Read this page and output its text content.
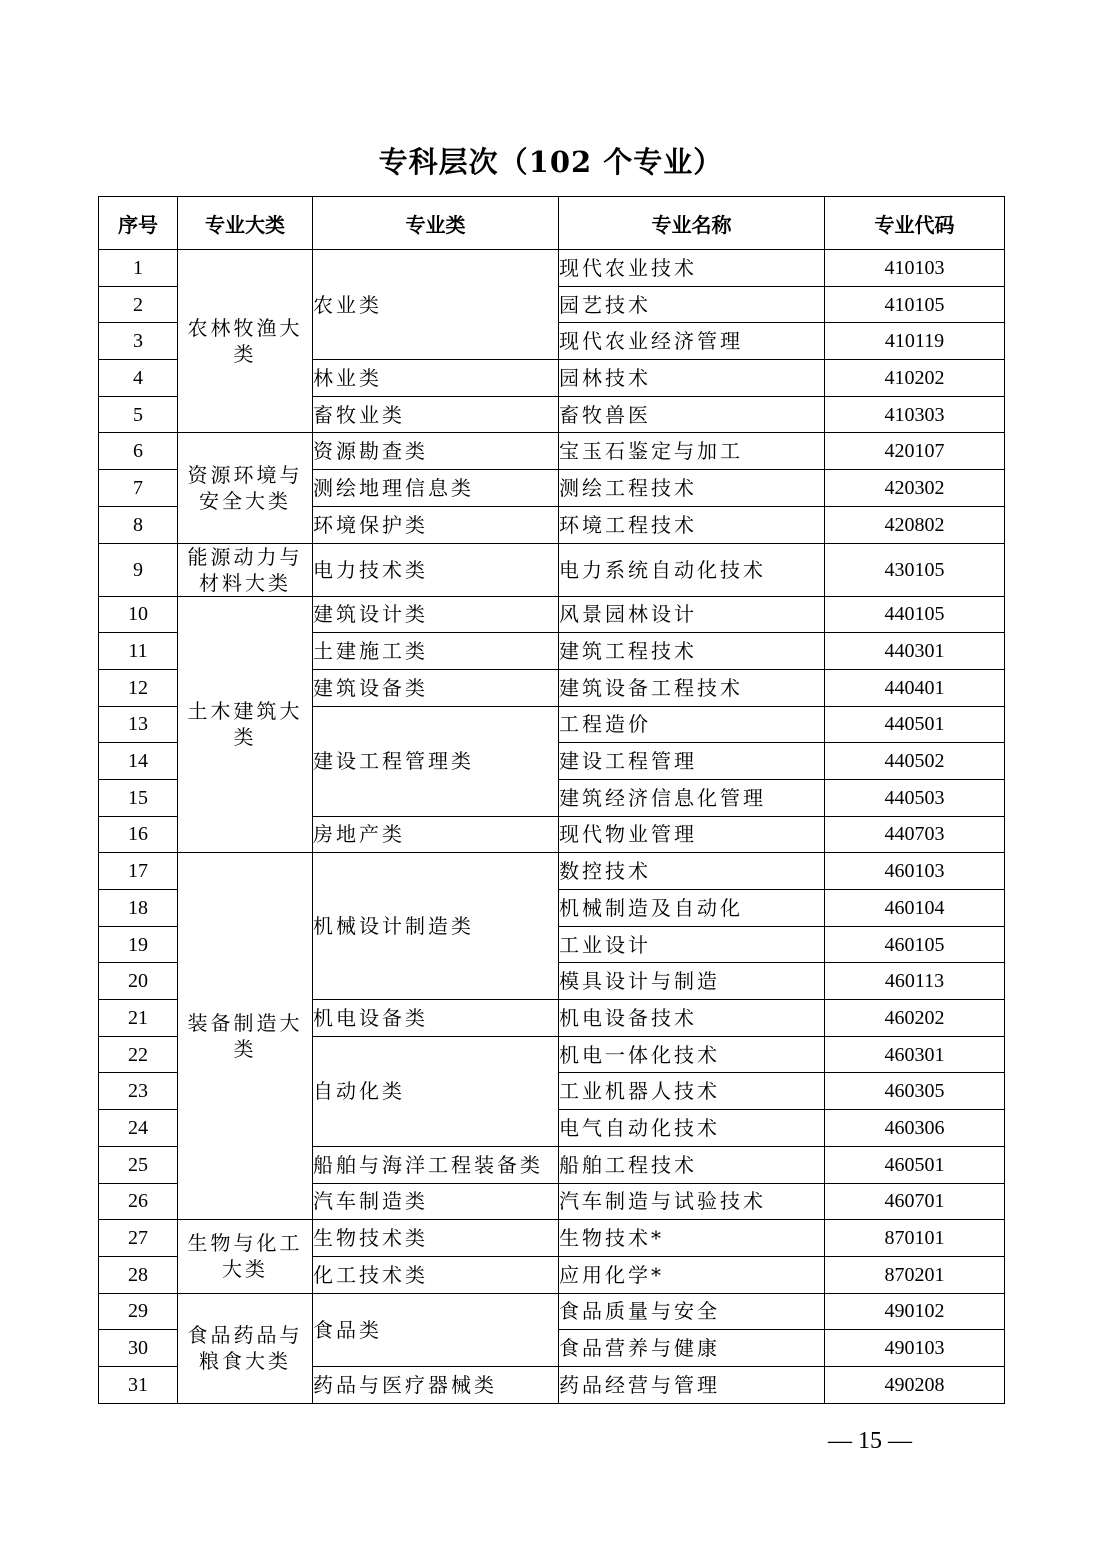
专科层次（102 个专业）
序号	专业大类	专业类	专业名称	专业代码
1	农林牧渔大类	农业类	现代农业技术	410103
2			园艺技术	410105
3			现代农业经济管理	410119
4		林业类	园林技术	410202
5		畜牧业类	畜牧兽医	410303
6	资源环境与安全大类	资源勘查类	宝玉石鉴定与加工	420107
7		测绘地理信息类	测绘工程技术	420302
8		环境保护类	环境工程技术	420802
9	能源动力与材料大类	电力技术类	电力系统自动化技术	430105
10	土木建筑大类	建筑设计类	风景园林设计	440105
11		土建施工类	建筑工程技术	440301
12		建筑设备类	建筑设备工程技术	440401
13		建设工程管理类	工程造价	440501
14			建设工程管理	440502
15			建筑经济信息化管理	440503
16		房地产类	现代物业管理	440703
17	装备制造大类	机械设计制造类	数控技术	460103
18			机械制造及自动化	460104
19			工业设计	460105
20			模具设计与制造	460113
21		机电设备类	机电设备技术	460202
22		自动化类	机电一体化技术	460301
23			工业机器人技术	460305
24			电气自动化技术	460306
25		船舶与海洋工程装备类	船舶工程技术	460501
26		汽车制造类	汽车制造与试验技术	460701
27	生物与化工大类	生物技术类	生物技术*	870101
28		化工技术类	应用化学*	870201
29	食品药品与粮食大类	食品类	食品质量与安全	490102
30			食品营养与健康	490103
31		药品与医疗器械类	药品经营与管理	490208
— 15 —
